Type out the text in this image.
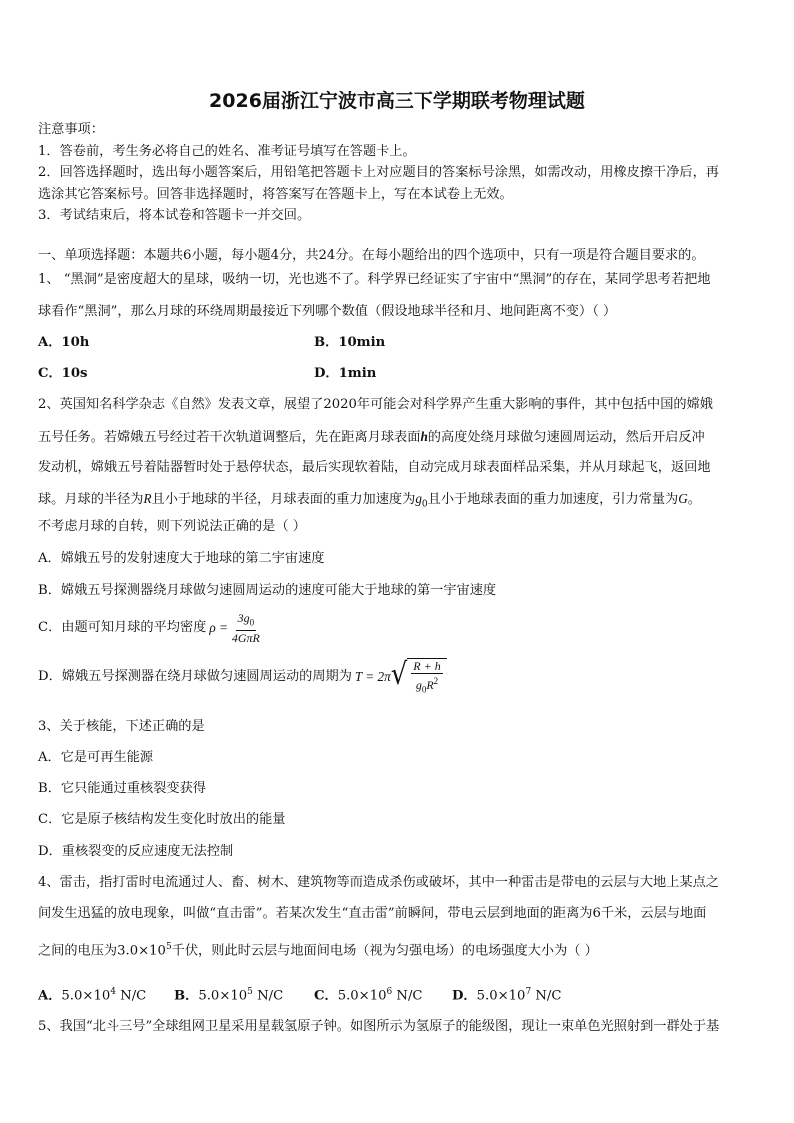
2026届浙江宁波市高三下学期联考物理试题
注意事项：
1．答卷前，考生务必将自己的姓名、准考证号填写在答题卡上。
2．回答选择题时，选出每小题答案后，用铅笔把答题卡上对应题目的答案标号涂黑，如需改动，用橡皮擦干净后，再
选涂其它答案标号。回答非选择题时，将答案写在答题卡上，写在本试卷上无效。
3．考试结束后，将本试卷和答题卡一并交回。
一、单项选择题：本题共6小题，每小题4分，共24分。在每小题给出的四个选项中，只有一项是符合题目要求的。
1、 “黑洞”是密度超大的星球，吸纳一切，光也逃不了。科学界已经证实了宇宙中“黑洞”的存在，某同学思考若把地
球看作“黑洞”，那么月球的环绕周期最接近下列哪个数值（假设地球半径和月、地间距离不变）（ ）
A．10h	B．10min
C．10s	D．1min
2、英国知名科学杂志《自然》发表文章，展望了2020年可能会对科学界产生重大影响的事件，其中包括中国的嫦娥
五号任务。若嫦娥五号经过若干次轨道调整后，先在距离月球表面h的高度处绕月球做匀速圆周运动，然后开启反冲
发动机，嫦娥五号着陆器暂时处于悬停状态，最后实现软着陆，自动完成月球表面样品采集，并从月球起飞，返回地
球。月球的半径为R且小于地球的半径，月球表面的重力加速度为$g_0$且小于地球表面的重力加速度，引力常量为G。
不考虑月球的自转，则下列说法正确的是（ ）
A．嫦娥五号的发射速度大于地球的第二宇宙速度
B．嫦娥五号探测器绕月球做匀速圆周运动的速度可能大于地球的第一宇宙速度
C．由题可知月球的平均密度 $\rho = \frac{3g_0}{\text{4GπR}}$
D．嫦娥五号探测器在绕月球做匀速圆周运动的周期为 T = 2π √ $\frac{R + h}{g_0R^2}$
3、关于核能，下述正确的是
A．它是可再生能源
B．它只能通过重核裂变获得
C．它是原子核结构发生变化时放出的能量
D．重核裂变的反应速度无法控制
4、雷击，指打雷时电流通过人、畜、树木、建筑物等而造成杀伤或破坏，其中一种雷击是带电的云层与大地上某点之
间发生迅猛的放电现象，叫做“直击雷”。若某次发生“直击雷”前瞬间，带电云层到地面的距离为6千米，云层与地面
之间的电压为$3.0\times 10^5$千伏，则此时云层与地面间电场（视为匀强电场）的电场强度大小为（ ）
A．$5.0\times 10^4$ N/C B．$5.0\times 10^5$ N/C C．$5.0\times 10^6$ N/C D．$5.0\times 10^7$ N/C
5、我国“北斗三号”全球组网卫星采用星载氢原子钟。如图所示为氢原子的能级图，现让一束单色光照射到一群处于基
